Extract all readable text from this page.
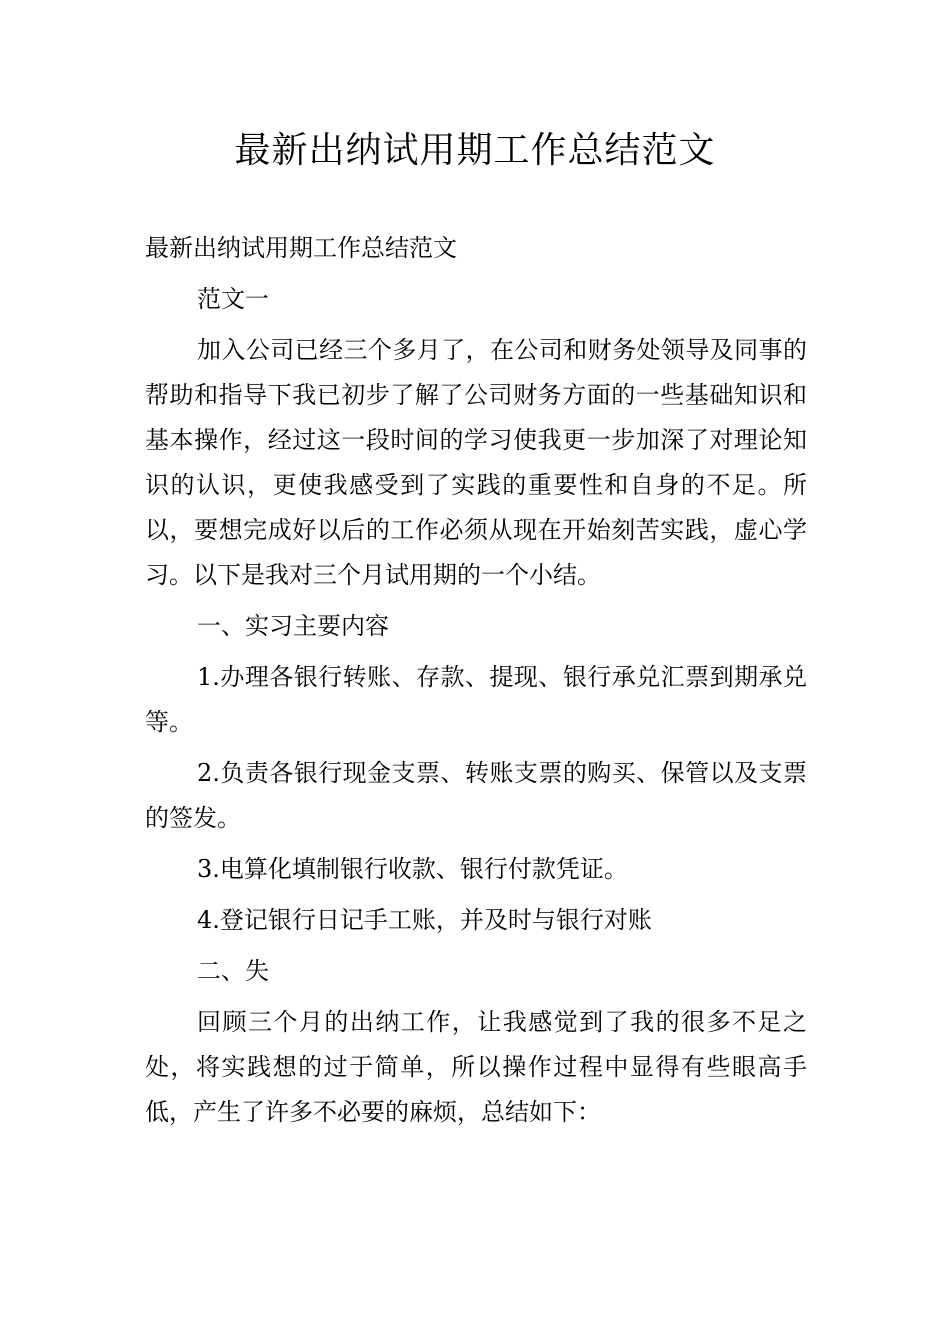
最新出纳试用期工作总结范文

最新出纳试用期工作总结范文

范文一

加入公司已经三个多月了，在公司和财务处领导及同事的帮助和指导下我已初步了解了公司财务方面的一些基础知识和基本操作，经过这一段时间的学习使我更一步加深了对理论知识的认识，更使我感受到了实践的重要性和自身的不足。所以，要想完成好以后的工作必须从现在开始刻苦实践，虚心学习。以下是我对三个月试用期的一个小结。

一、实习主要内容

1.办理各银行转账、存款、提现、银行承兑汇票到期承兑等。

2.负责各银行现金支票、转账支票的购买、保管以及支票的签发。

3.电算化填制银行收款、银行付款凭证。

4.登记银行日记手工账，并及时与银行对账

二、失

回顾三个月的出纳工作，让我感觉到了我的很多不足之处，将实践想的过于简单，所以操作过程中显得有些眼高手低，产生了许多不必要的麻烦，总结如下：
